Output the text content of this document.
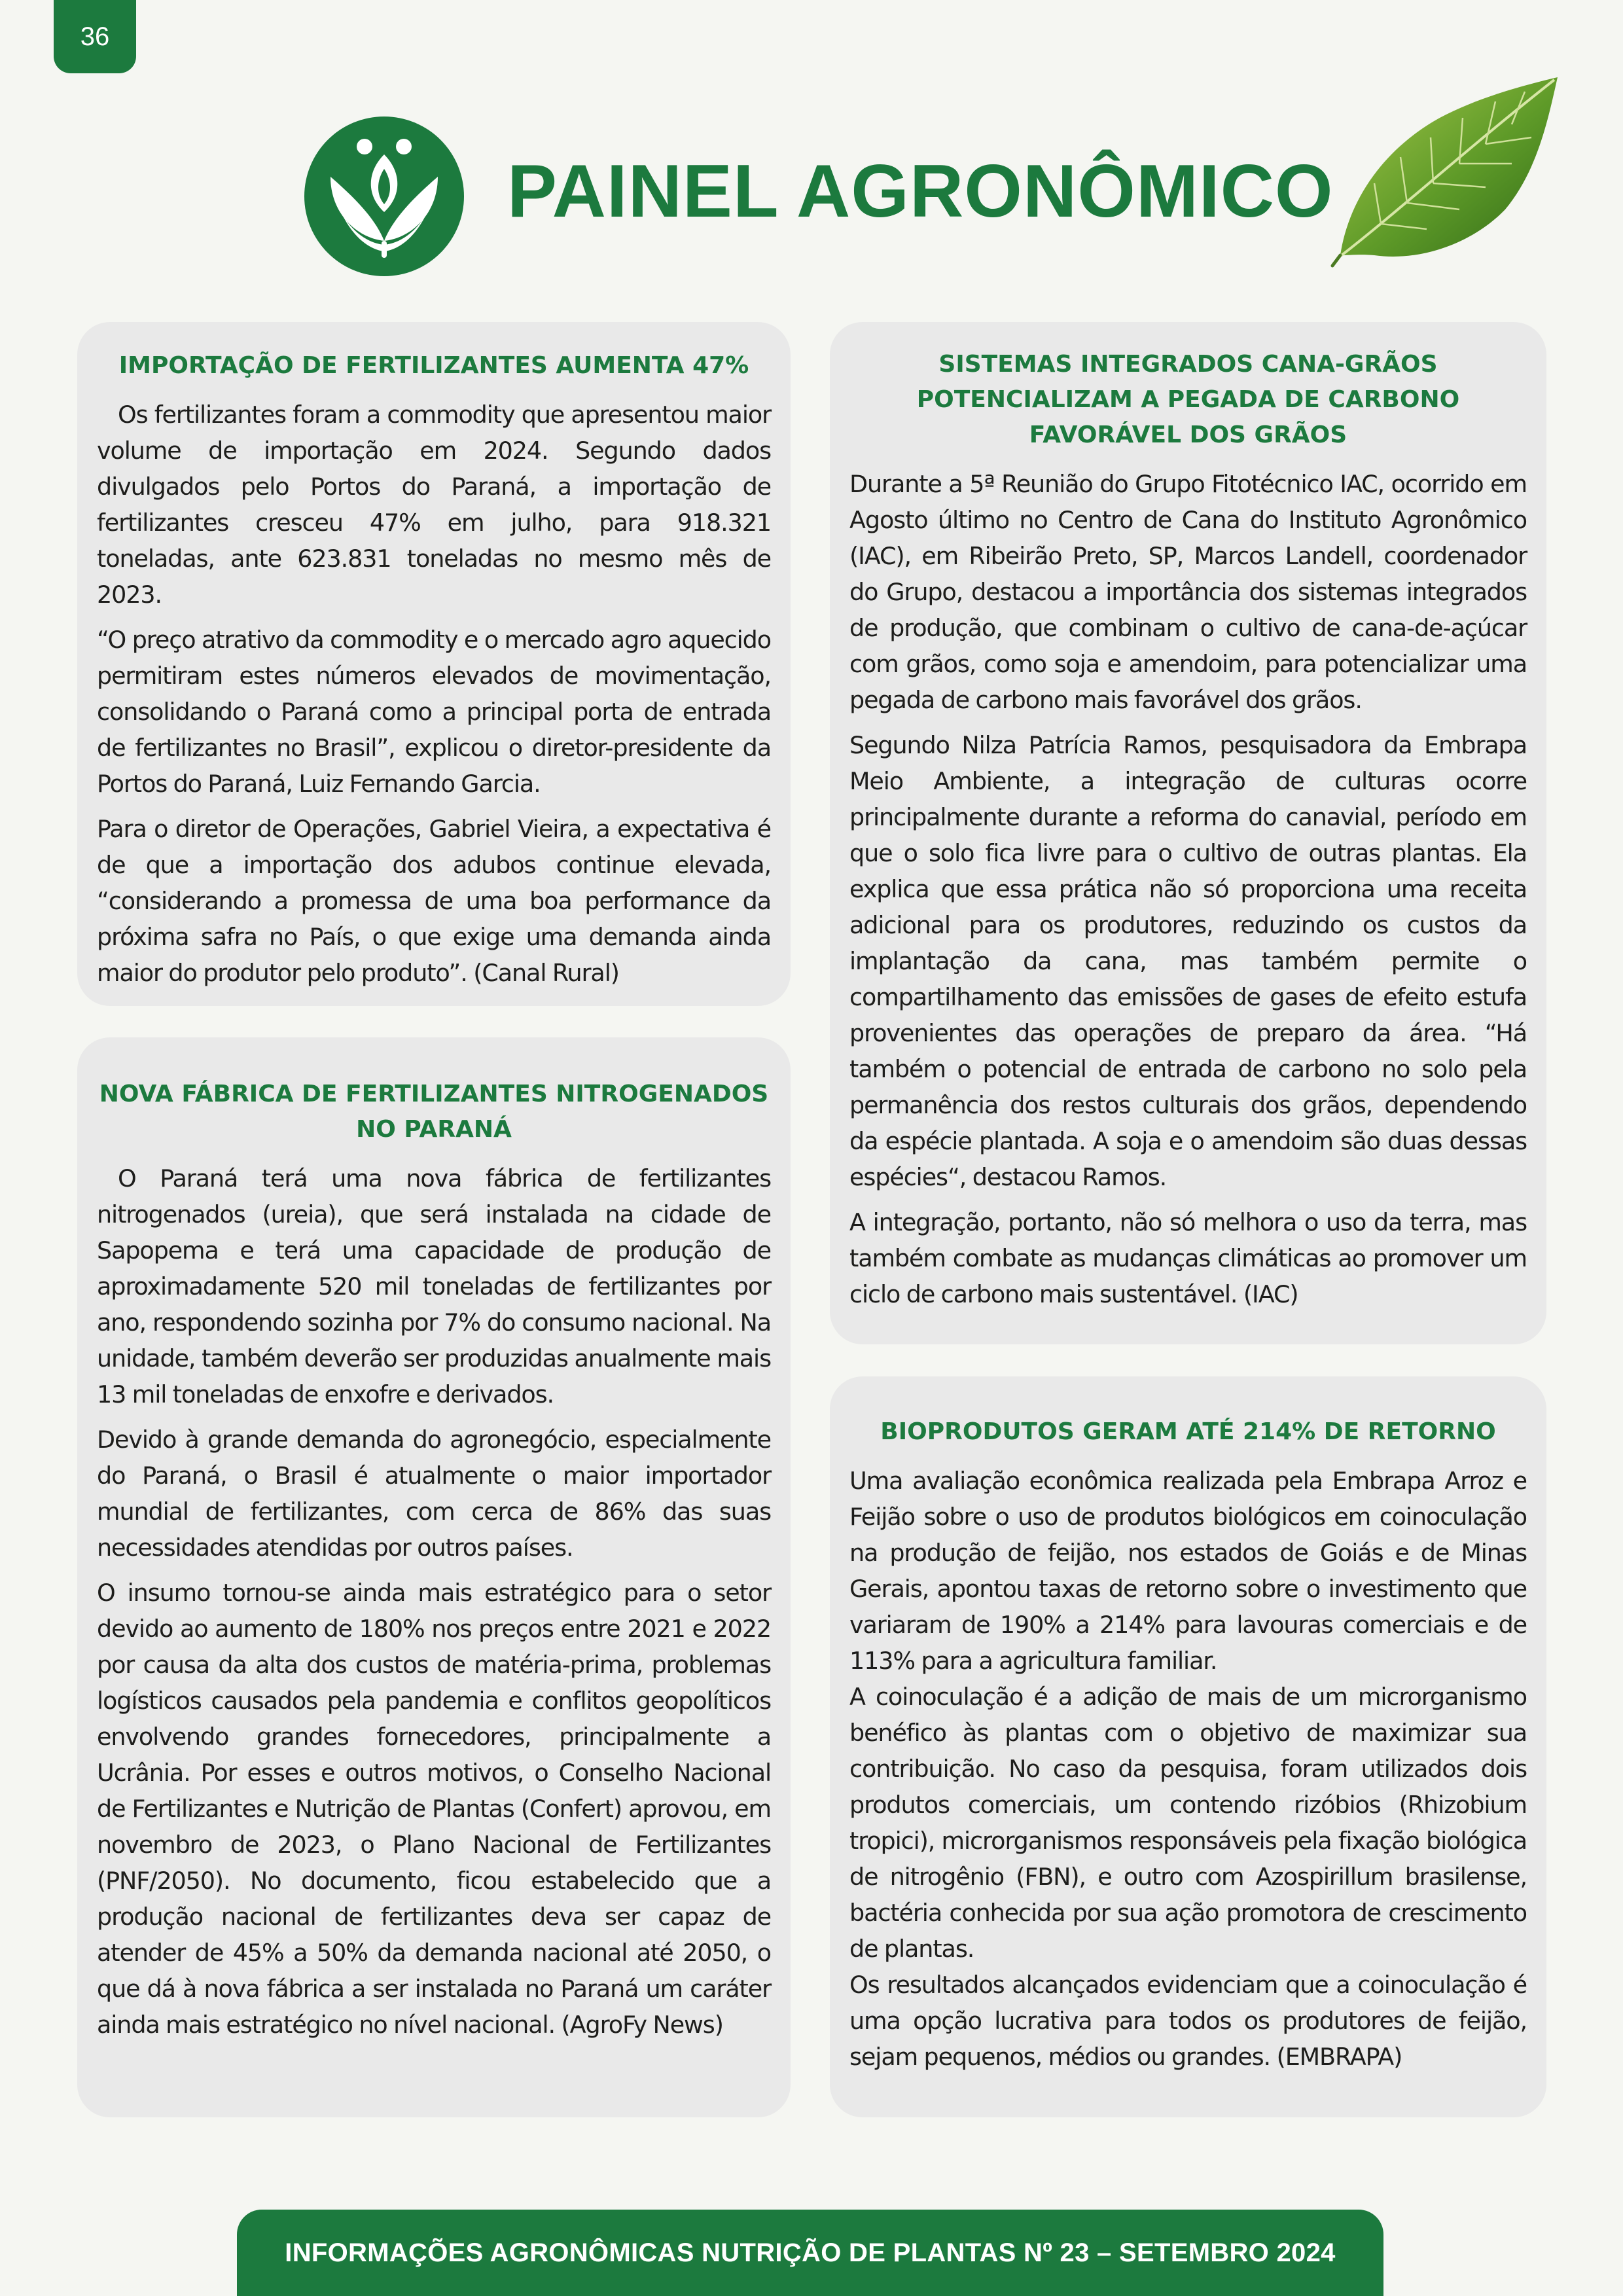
36
PAINEL AGRONÔMICO
IMPORTAÇÃO DE FERTILIZANTES AUMENTA 47%

Os fertilizantes foram a commodity que apresentou maior volume de importação em 2024. Segundo dados divulgados pelo Portos do Paraná, a importação de fertilizantes cresceu 47% em julho, para 918.321 toneladas, ante 623.831 toneladas no mesmo mês de 2023.

“O preço atrativo da commodity e o mercado agro aquecido permitiram estes números elevados de movimentação, consolidando o Paraná como a principal porta de entrada de fertilizantes no Brasil”, explicou o diretor-presidente da Portos do Paraná, Luiz Fernando Garcia.

Para o diretor de Operações, Gabriel Vieira, a expectativa é de que a importação dos adubos continue elevada, “considerando a promessa de uma boa performance da próxima safra no País, o que exige uma demanda ainda maior do produtor pelo produto”. (Canal Rural)

NOVA FÁBRICA DE FERTILIZANTES NITROGENADOS NO PARANÁ

O Paraná terá uma nova fábrica de fertilizantes nitrogenados (ureia), que será instalada na cidade de Sapopema e terá uma capacidade de produção de aproximadamente 520 mil toneladas de fertilizantes por ano, respondendo sozinha por 7% do consumo nacional. Na unidade, também deverão ser produzidas anualmente mais 13 mil toneladas de enxofre e derivados.

Devido à grande demanda do agronegócio, especialmente do Paraná, o Brasil é atualmente o maior importador mundial de fertilizantes, com cerca de 86% das suas necessidades atendidas por outros países.

O insumo tornou-se ainda mais estratégico para o setor devido ao aumento de 180% nos preços entre 2021 e 2022 por causa da alta dos custos de matéria-prima, problemas logísticos causados pela pandemia e conflitos geopolíticos envolvendo grandes fornecedores, principalmente a Ucrânia. Por esses e outros motivos, o Conselho Nacional de Fertilizantes e Nutrição de Plantas (Confert) aprovou, em novembro de 2023, o Plano Nacional de Fertilizantes (PNF/2050). No documento, ficou estabelecido que a produção nacional de fertilizantes deva ser capaz de atender de 45% a 50% da demanda nacional até 2050, o que dá à nova fábrica a ser instalada no Paraná um caráter ainda mais estratégico no nível nacional. (AgroFy News)

SISTEMAS INTEGRADOS CANA-GRÃOS POTENCIALIZAM A PEGADA DE CARBONO FAVORÁVEL DOS GRÃOS

Durante a 5ª Reunião do Grupo Fitotécnico IAC, ocorrido em Agosto último no Centro de Cana do Instituto Agronômico (IAC), em Ribeirão Preto, SP, Marcos Landell, coordenador do Grupo, destacou a importância dos sistemas integrados de produção, que combinam o cultivo de cana-de-açúcar com grãos, como soja e amendoim, para potencializar uma pegada de carbono mais favorável dos grãos.

Segundo Nilza Patrícia Ramos, pesquisadora da Embrapa Meio Ambiente, a integração de culturas ocorre principalmente durante a reforma do canavial, período em que o solo fica livre para o cultivo de outras plantas. Ela explica que essa prática não só proporciona uma receita adicional para os produtores, reduzindo os custos da implantação da cana, mas também permite o compartilhamento das emissões de gases de efeito estufa provenientes das operações de preparo da área. “Há também o potencial de entrada de carbono no solo pela permanência dos restos culturais dos grãos, dependendo da espécie plantada. A soja e o amendoim são duas dessas espécies“, destacou Ramos.

A integração, portanto, não só melhora o uso da terra, mas também combate as mudanças climáticas ao promover um ciclo de carbono mais sustentável. (IAC)

BIOPRODUTOS GERAM ATÉ 214% DE RETORNO

Uma avaliação econômica realizada pela Embrapa Arroz e Feijão sobre o uso de produtos biológicos em coinoculação na produção de feijão, nos estados de Goiás e de Minas Gerais, apontou taxas de retorno sobre o investimento que variaram de 190% a 214% para lavouras comerciais e de 113% para a agricultura familiar.

A coinoculação é a adição de mais de um microrganismo benéfico às plantas com o objetivo de maximizar sua contribuição. No caso da pesquisa, foram utilizados dois produtos comerciais, um contendo rizóbios (Rhizobium tropici), microrganismos responsáveis pela fixação biológica de nitrogênio (FBN), e outro com Azospirillum brasilense, bactéria conhecida por sua ação promotora de crescimento de plantas.

Os resultados alcançados evidenciam que a coinoculação é uma opção lucrativa para todos os produtores de feijão, sejam pequenos, médios ou grandes. (EMBRAPA)

INFORMAÇÕES AGRONÔMICAS NUTRIÇÃO DE PLANTAS Nº 23 – SETEMBRO 2024
